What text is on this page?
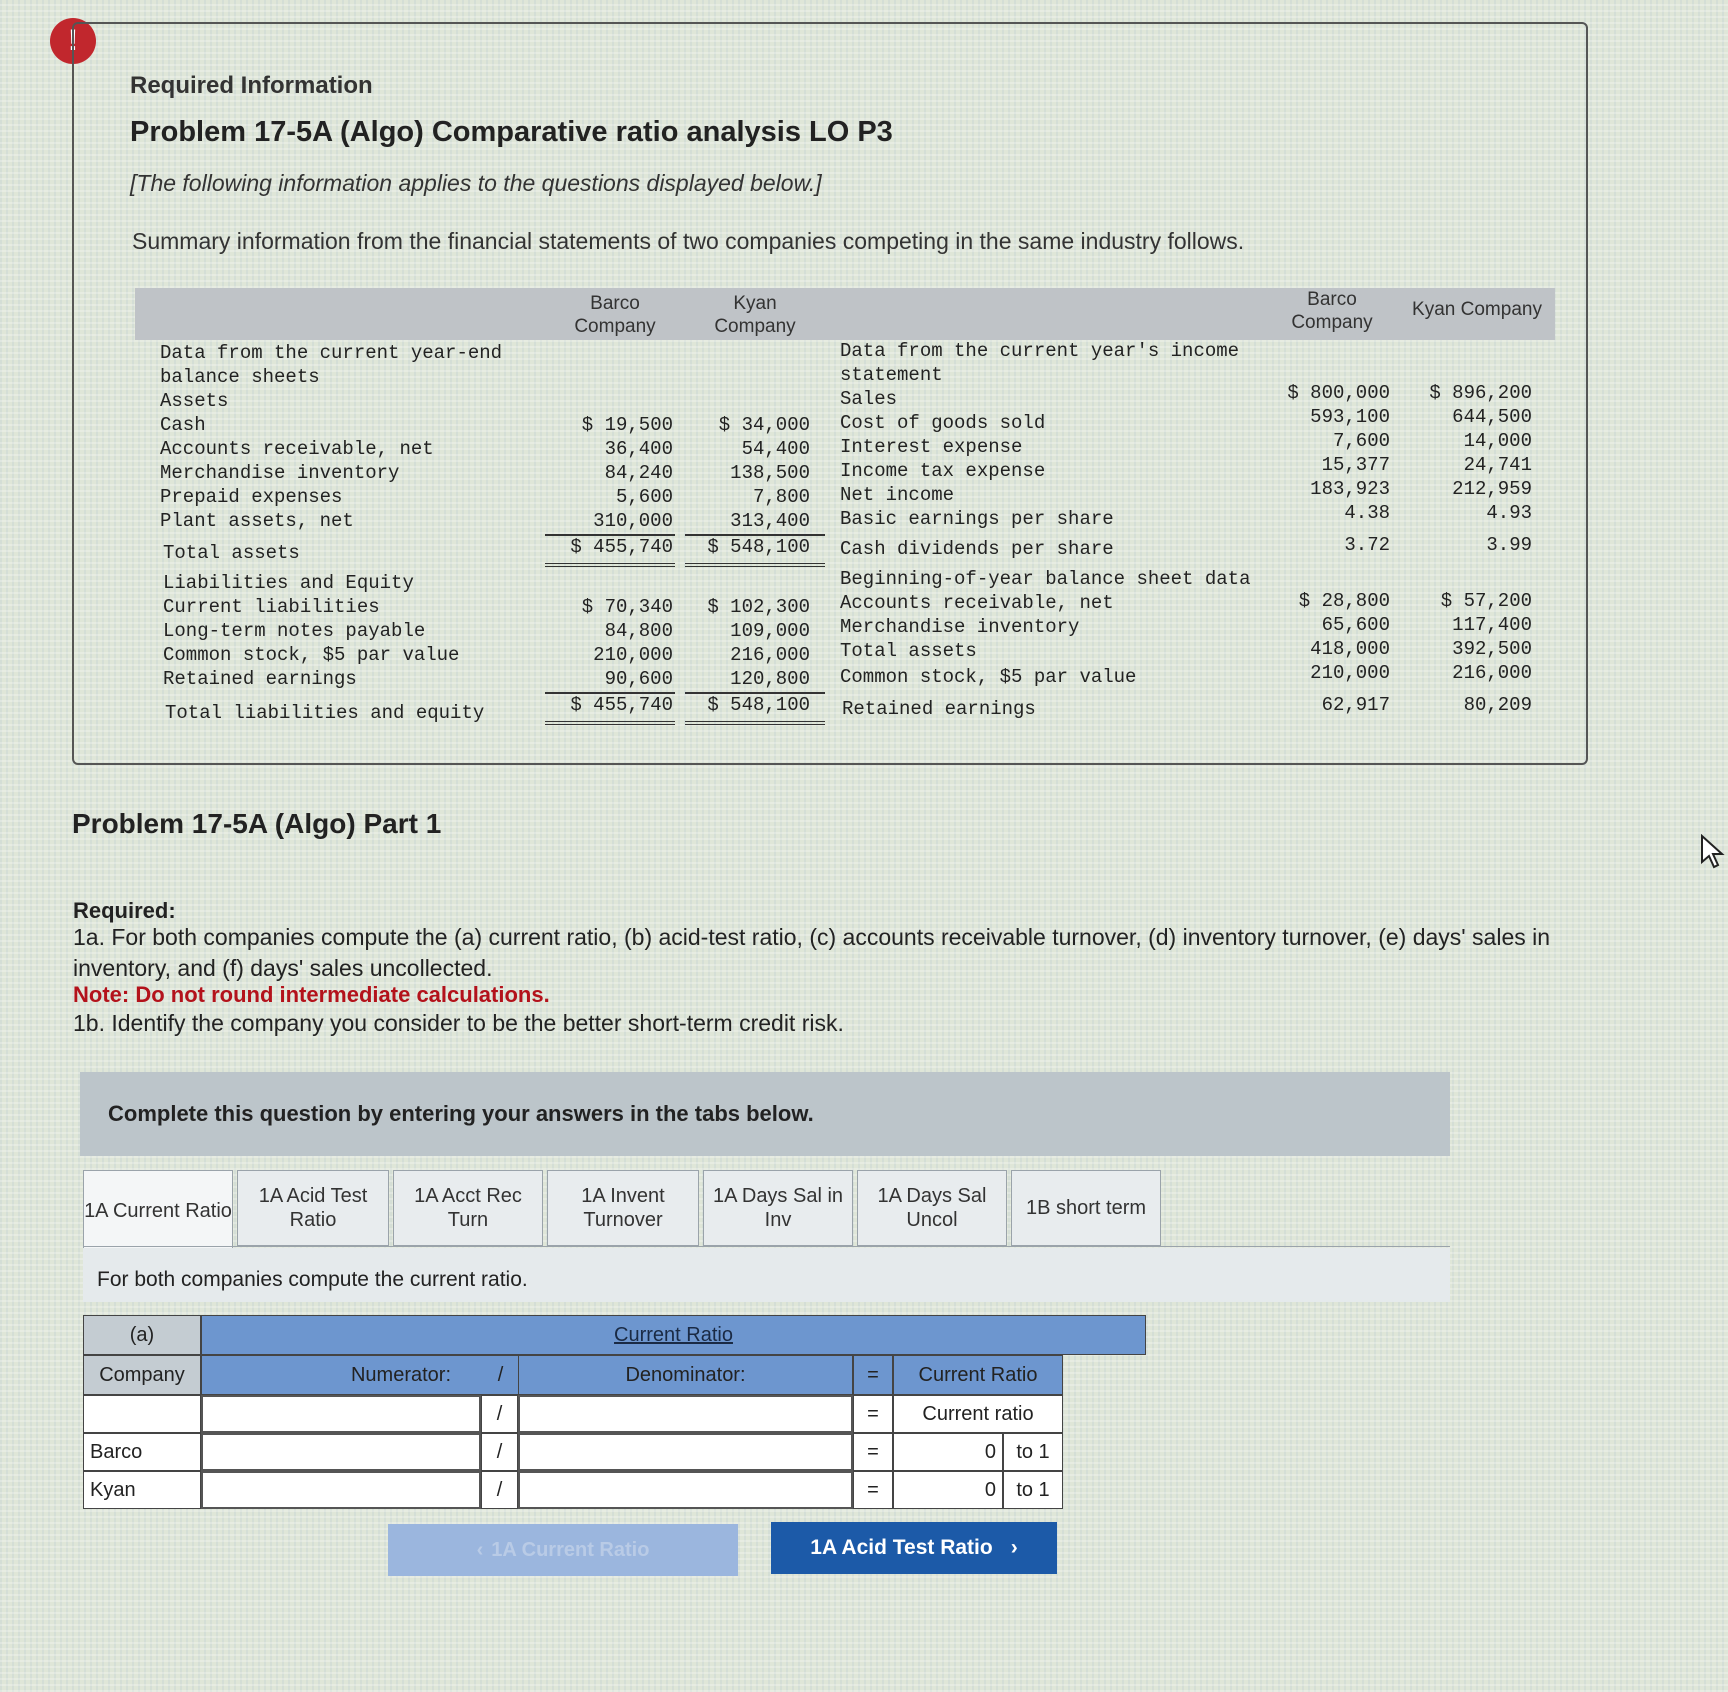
!
Required Information
Problem 17-5A (Algo) Comparative ratio analysis LO P3
[The following information applies to the questions displayed below.]
Summary information from the financial statements of two companies competing in the same industry follows.
Barco Company
Kyan Company
Barco Company
Kyan Company
Data from the current year-end
balance sheets
Assets
Cash	$ 19,500	$ 34,000
Accounts receivable, net	36,400	54,400
Merchandise inventory	84,240	138,500
Prepaid expenses	5,600	7,800
Plant assets, net	310,000	313,400
Total assets	$ 455,740	$ 548,100
Liabilities and Equity
Current liabilities	$ 70,340	$ 102,300
Long-term notes payable	84,800	109,000
Common stock, $5 par value	210,000	216,000
Retained earnings	90,600	120,800
Total liabilities and equity	$ 455,740	$ 548,100
Data from the current year's income
statement
Sales	$ 800,000	$ 896,200
Cost of goods sold	593,100	644,500
Interest expense	7,600	14,000
Income tax expense	15,377	24,741
Net income	183,923	212,959
Basic earnings per share	4.38	4.93
Cash dividends per share	3.72	3.99
Beginning-of-year balance sheet data
Accounts receivable, net	$ 28,800	$ 57,200
Merchandise inventory	65,600	117,400
Total assets	418,000	392,500
Common stock, $5 par value	210,000	216,000
Retained earnings	62,917	80,209
Problem 17-5A (Algo) Part 1
Required:
1a. For both companies compute the (a) current ratio, (b) acid-test ratio, (c) accounts receivable turnover, (d) inventory turnover, (e) days' sales in inventory, and (f) days' sales uncollected.
Note: Do not round intermediate calculations.
1b. Identify the company you consider to be the better short-term credit risk.
Complete this question by entering your answers in the tabs below.
1A Current Ratio
1A Acid Test Ratio
1A Acct Rec Turn
1A Invent Turnover
1A Days Sal in Inv
1A Days Sal Uncol
1B short term
For both companies compute the current ratio.
(a)	Current Ratio
Company	Numerator: /	Denominator:	= Current Ratio
/	= Current ratio
Barco	/	=	0 to 1
Kyan	/	=	0 to 1
‹ 1A Current Ratio	1A Acid Test Ratio ›
